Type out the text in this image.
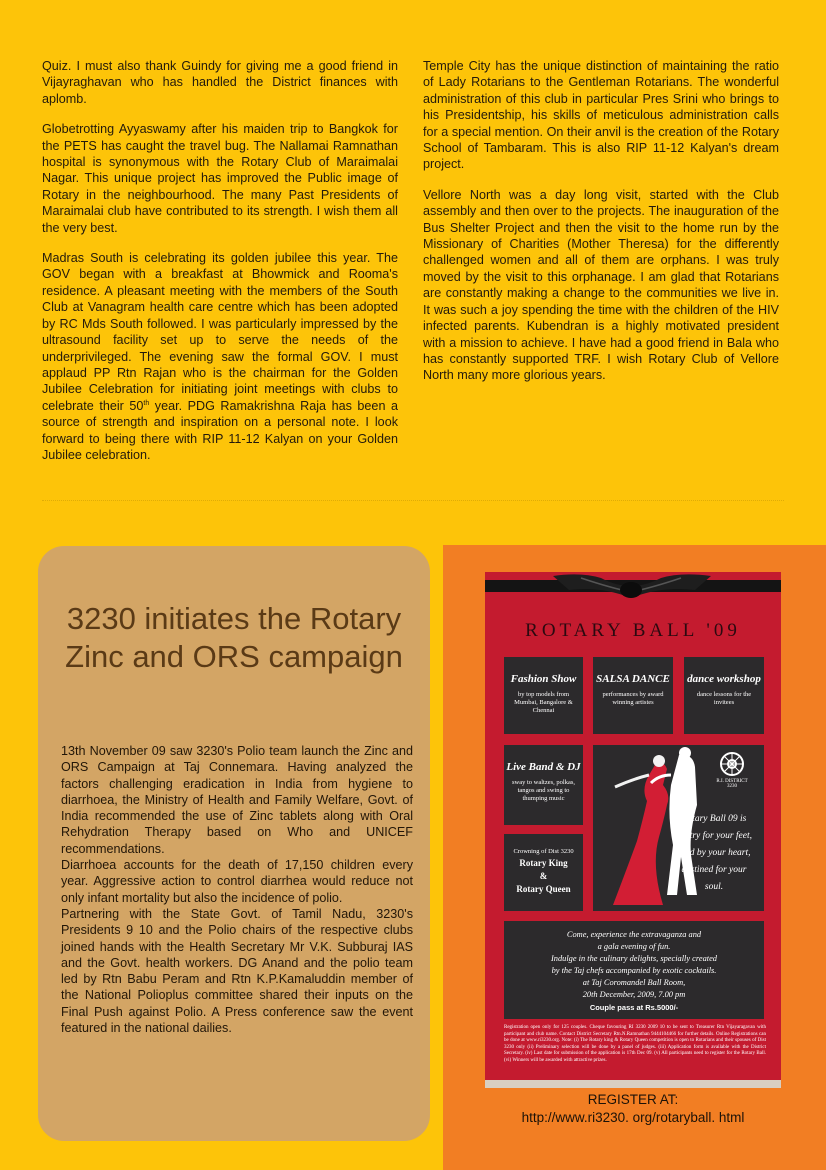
Quiz. I must also thank Guindy for giving me a good friend in Vijayraghavan who has handled the District finances with aplomb.

Globetrotting Ayyaswamy after his maiden trip to Bangkok for the PETS has caught the travel bug. The Nallamai Ramnathan hospital is synonymous with the Rotary Club of Maraimalai Nagar. This unique project has improved the Public image of Rotary in the neighbourhood. The many Past Presidents of Maraimalai club have contributed to its strength. I wish them all the very best.

Madras South is celebrating its golden jubilee this year. The GOV began with a breakfast at Bhowmick and Rooma's residence. A pleasant meeting with the members of the South Club at Vanagram health care centre which has been adopted by RC Mds South followed. I was particularly impressed by the ultrasound facility set up to serve the needs of the underprivileged. The evening saw the formal GOV. I must applaud PP Rtn Rajan who is the chairman for the Golden Jubilee Celebration for initiating joint meetings with clubs to celebrate their 50th year. PDG Ramakrishna Raja has been a source of strength and inspiration on a personal note. I look forward to being there with RIP 11-12 Kalyan on your Golden Jubilee celebration.

Temple City has the unique distinction of maintaining the ratio of Lady Rotarians to the Gentleman Rotarians. The wonderful administration of this club in particular Pres Srini who brings to his Presidentship, his skills of meticulous administration calls for a special mention. On their anvil is the creation of the Rotary School of Tambaram. This is also RIP 11-12 Kalyan's dream project.

Vellore North was a day long visit, started with the Club assembly and then over to the projects. The inauguration of the Bus Shelter Project and then the visit to the home run by the Missionary of Charities (Mother Theresa) for the differently challenged women and all of them are orphans. I was truly moved by the visit to this orphanage. I am glad that Rotarians are constantly making a change to the communities we live in. It was such a joy spending the time with the children of the HIV infected parents. Kubendran is a highly motivated president with a mission to achieve. I have had a good friend in Bala who has constantly supported TRF. I wish Rotary Club of Vellore North many more glorious years.

3230 initiates the Rotary Zinc and ORS campaign

13th November 09 saw 3230's Polio team launch the Zinc and ORS Campaign at Taj Connemara. Having analyzed the factors challenging eradication in India from hygiene to diarrhoea, the Ministry of Health and Family Welfare, Govt. of India recommended the use of Zinc tablets along with Oral Rehydration Therapy based on Who and UNICEF recommendations.

Diarrhoea accounts for the death of 17,150 children every year. Aggressive action to control diarrhea would reduce not only infant mortality but also the incidence of polio.

Partnering with the State Govt. of Tamil Nadu, 3230's Presidents 9 10 and the Polio chairs of the respective clubs joined hands with the Health Secretary Mr V.K. Subburaj IAS and the Govt. health workers. DG Anand and the polio team led by Rtn Babu Peram and Rtn K.P.Kamaluddin member of the National Polioplus committee shared their inputs on the Final Push against Polio. A Press conference saw the event featured in the national dailies.

ROTARY BALL '09
Fashion Show
by top models from Mumbai, Bangalore & Chennai
SALSA DANCE
performances by award winning artistes
dance workshop
dance lessons for the invitees
Live Band & DJ
sway to waltzes, polkas, tangos and swing to thumping music
Crowning of Dist 3230
Rotary King
&
Rotary Queen
R.I. DISTRICT 3230
Rotary Ball 09 is poetry for your feet, read by your heart, destined for your soul.
Come, experience the extravaganza and
a gala evening of fun.
Indulge in the culinary delights, specially created
by the Taj chefs accompanied by exotic cocktails.
at Taj Coromandel Ball Room,
20th December, 2009, 7.00 pm
Couple pass at Rs.5000/-
Registration open only for 125 couples. Cheque favouring RI 3230 2009 10 to be sent to Treasurer Rtn Vijayaragavan with participant and club name. Contact District Secretary Rtn.N.Ramnathan 9444104466 for further details. Online Registrations can be done at www.ri3230.org. Note: (i) The Rotary king & Rotary Queen competition is open to Rotarians and their spouses of Dist 3230 only (ii) Preliminary selection will be done by a panel of judges. (iii) Application form is available with the District Secretary. (iv) Last date for submission of the application is 17th Dec 09. (v) All participants need to register for the Rotary Ball. (vi) Winners will be awarded with attractive prizes.
REGISTER AT:
http://www.ri3230. org/rotaryball. html
